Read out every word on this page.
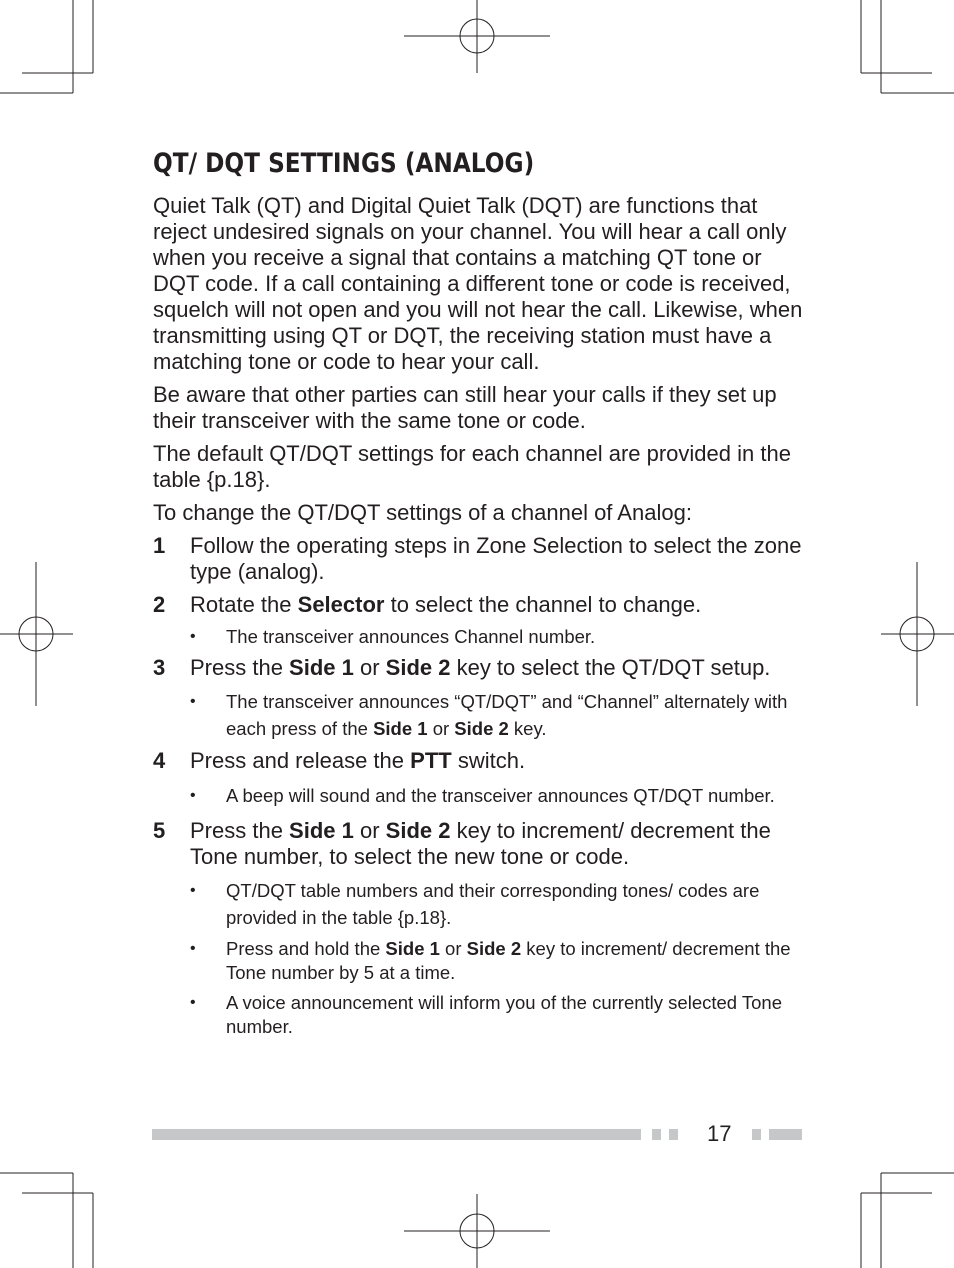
QT/ DQT SETTINGS (ANALOG)

Quiet Talk (QT) and Digital Quiet Talk (DQT) are functions that reject undesired signals on your channel. You will hear a call only when you receive a signal that contains a matching QT tone or DQT code. If a call containing a different tone or code is received, squelch will not open and you will not hear the call. Likewise, when transmitting using QT or DQT, the receiving station must have a matching tone or code to hear your call.

Be aware that other parties can still hear your calls if they set up their transceiver with the same tone or code.

The default QT/DQT settings for each channel are provided in the table {p.18}.

To change the QT/DQT settings of a channel of Analog:

1 Follow the operating steps in Zone Selection to select the zone type (analog).
2 Rotate the Selector to select the channel to change.
• The transceiver announces Channel number.
3 Press the Side 1 or Side 2 key to select the QT/DQT setup.
• The transceiver announces “QT/DQT” and “Channel” alternately with each press of the Side 1 or Side 2 key.
4 Press and release the PTT switch.
• A beep will sound and the transceiver announces QT/DQT number.
5 Press the Side 1 or Side 2 key to increment/ decrement the Tone number, to select the new tone or code.
• QT/DQT table numbers and their corresponding tones/ codes are provided in the table {p.18}.
• Press and hold the Side 1 or Side 2 key to increment/ decrement the Tone number by 5 at a time.
• A voice announcement will inform you of the currently selected Tone number.
17
